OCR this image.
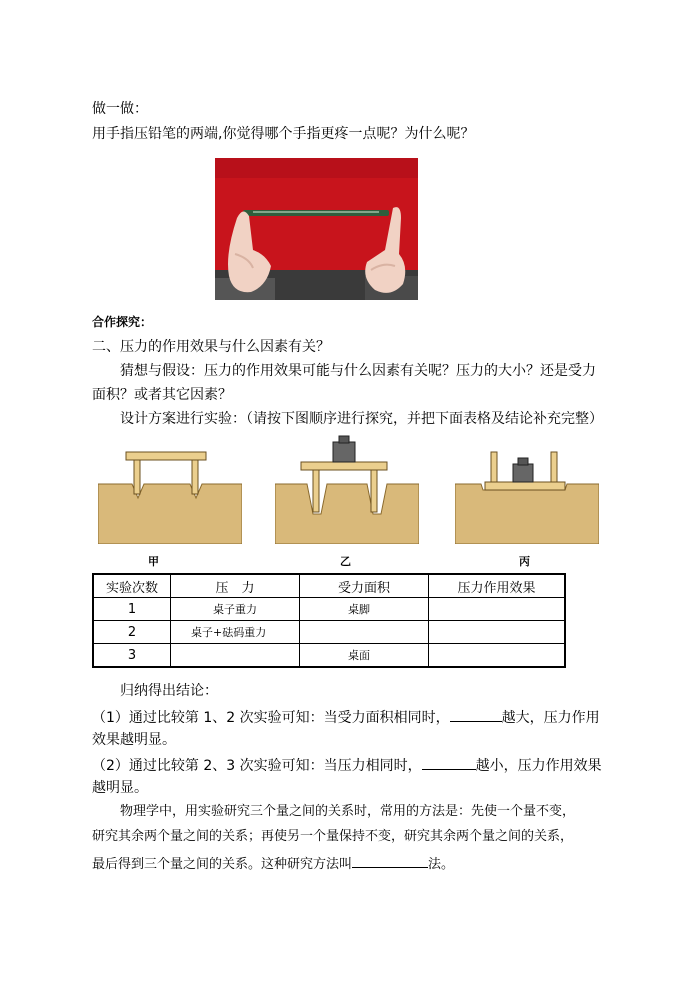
做一做：
用手指压铅笔的两端,你觉得哪个手指更疼一点呢？为什么呢？
合作探究：
二、压力的作用效果与什么因素有关？
猜想与假设：压力的作用效果可能与什么因素有关呢？压力的大小？还是受力
面积？或者其它因素？
设计方案进行实验：（请按下图顺序进行探究，并把下面表格及结论补充完整）
甲	乙	丙
实验次数	压　力	受力面积	压力作用效果
1	桌子重力	桌脚	
2	桌子+砝码重力		
3		桌面	
归纳得出结论：
（1）通过比较第 1、2 次实验可知：当受力面积相同时，	越大，压力作用
效果越明显。
（2）通过比较第 2、3 次实验可知：当压力相同时，	越小，压力作用效果
越明显。
物理学中，用实验研究三个量之间的关系时，常用的方法是：先使一个量不变，
研究其余两个量之间的关系；再使另一个量保持不变，研究其余两个量之间的关系，
最后得到三个量之间的关系。这种研究方法叫	法。
